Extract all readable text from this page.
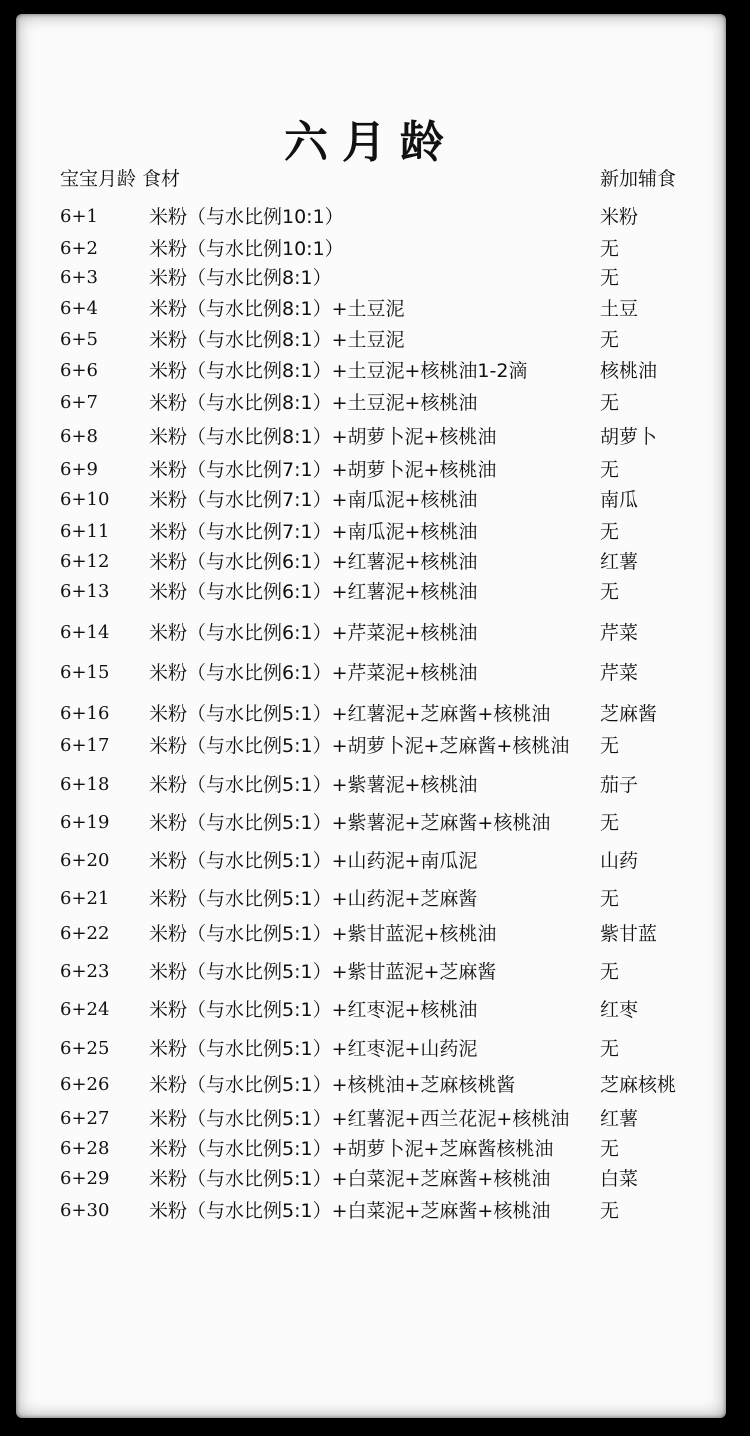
六月龄
宝宝月龄 食材	新加辅食
6+1	米粉（与水比例10:1）	米粉
6+2	米粉（与水比例10:1）	无
6+3	米粉（与水比例8:1）	无
6+4	米粉（与水比例8:1）+土豆泥	土豆
6+5	米粉（与水比例8:1）+土豆泥	无
6+6	米粉（与水比例8:1）+土豆泥+核桃油1-2滴	核桃油
6+7	米粉（与水比例8:1）+土豆泥+核桃油	无
6+8	米粉（与水比例8:1）+胡萝卜泥+核桃油	胡萝卜
6+9	米粉（与水比例7:1）+胡萝卜泥+核桃油	无
6+10 米粉（与水比例7:1）+南瓜泥+核桃油	南瓜
6+11 米粉（与水比例7:1）+南瓜泥+核桃油	无
6+12 米粉（与水比例6:1）+红薯泥+核桃油	红薯
6+13 米粉（与水比例6:1）+红薯泥+核桃油	无
6+14 米粉（与水比例6:1）+芹菜泥+核桃油	芹菜
6+15 米粉（与水比例6:1）+芹菜泥+核桃油	芹菜
6+16 米粉（与水比例5:1）+红薯泥+芝麻酱+核桃油	芝麻酱
6+17 米粉（与水比例5:1）+胡萝卜泥+芝麻酱+核桃油 无
6+18 米粉（与水比例5:1）+紫薯泥+核桃油	茄子
6+19 米粉（与水比例5:1）+紫薯泥+芝麻酱+核桃油	无
6+20 米粉（与水比例5:1）+山药泥+南瓜泥	山药
6+21 米粉（与水比例5:1）+山药泥+芝麻酱	无
6+22 米粉（与水比例5:1）+紫甘蓝泥+核桃油	紫甘蓝
6+23 米粉（与水比例5:1）+紫甘蓝泥+芝麻酱	无
6+24 米粉（与水比例5:1）+红枣泥+核桃油	红枣
6+25 米粉（与水比例5:1）+红枣泥+山药泥	无
6+26 米粉（与水比例5:1）+核桃油+芝麻核桃酱	芝麻核桃
6+27 米粉（与水比例5:1）+红薯泥+西兰花泥+核桃油 红薯
6+28 米粉（与水比例5:1）+胡萝卜泥+芝麻酱核桃油 无
6+29 米粉（与水比例5:1）+白菜泥+芝麻酱+核桃油	白菜
6+30 米粉（与水比例5:1）+白菜泥+芝麻酱+核桃油	无
